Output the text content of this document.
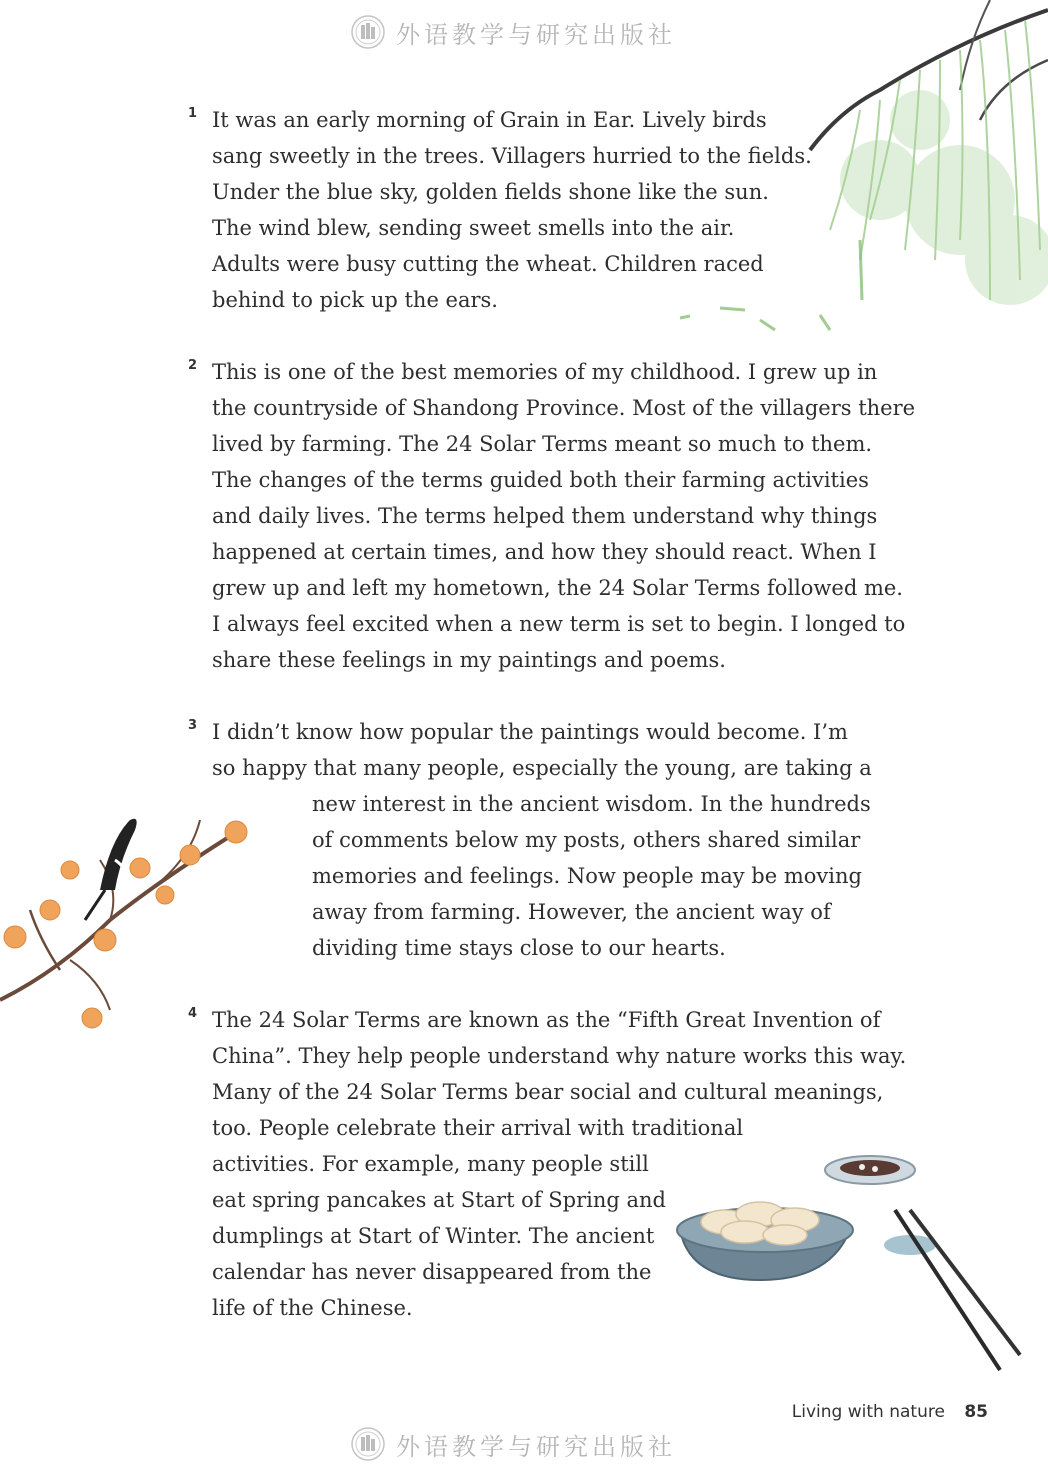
外语教学与研究出版社
1 It was an early morning of Grain in Ear. Lively birds
sang sweetly in the trees. Villagers hurried to the fields.
Under the blue sky, golden fields shone like the sun.
The wind blew, sending sweet smells into the air.
Adults were busy cutting the wheat. Children raced
behind to pick up the ears.
2 This is one of the best memories of my childhood. I grew up in
the countryside of Shandong Province. Most of the villagers there
lived by farming. The 24 Solar Terms meant so much to them.
The changes of the terms guided both their farming activities
and daily lives. The terms helped them understand why things
happened at certain times, and how they should react. When I
grew up and left my hometown, the 24 Solar Terms followed me.
I always feel excited when a new term is set to begin. I longed to
share these feelings in my paintings and poems.
3 I didn’t know how popular the paintings would become. I’m
so happy that many people, especially the young, are taking a
new interest in the ancient wisdom. In the hundreds
of comments below my posts, others shared similar
memories and feelings. Now people may be moving
away from farming. However, the ancient way of
dividing time stays close to our hearts.
4 The 24 Solar Terms are known as the “Fifth Great Invention of
China”. They help people understand why nature works this way.
Many of the 24 Solar Terms bear social and cultural meanings,
too. People celebrate their arrival with traditional
activities. For example, many people still
eat spring pancakes at Start of Spring and
dumplings at Start of Winter. The ancient
calendar has never disappeared from the
life of the Chinese.
Living with nature 85
外语教学与研究出版社
